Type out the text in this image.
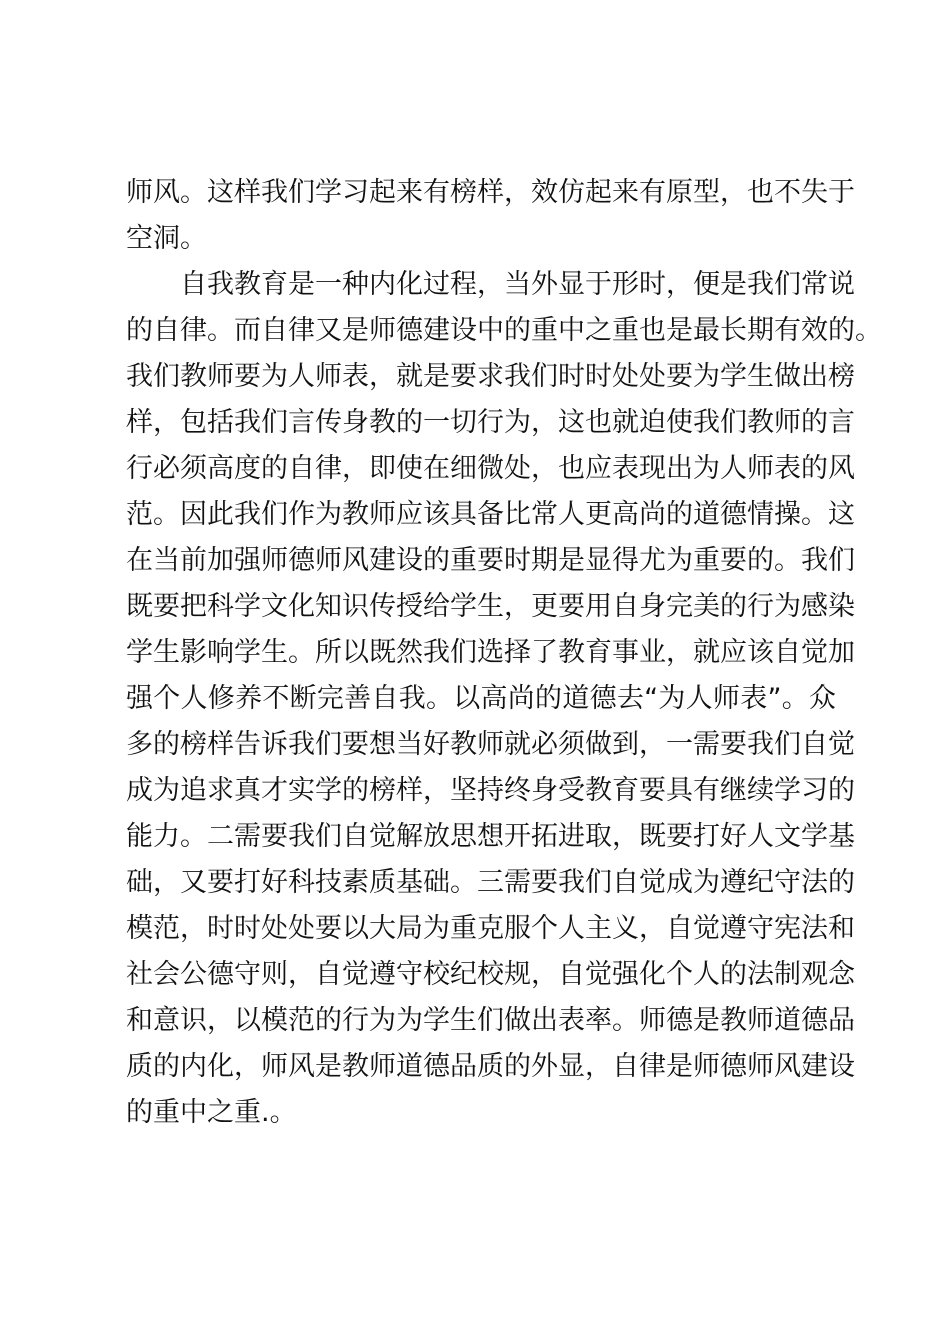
师风。这样我们学习起来有榜样，效仿起来有原型，也不失于
空洞。
自我教育是一种内化过程，当外显于形时，便是我们常说
的自律。而自律又是师德建设中的重中之重也是最长期有效的。
我们教师要为人师表，就是要求我们时时处处要为学生做出榜
样，包括我们言传身教的一切行为，这也就迫使我们教师的言
行必须高度的自律，即使在细微处，也应表现出为人师表的风
范。因此我们作为教师应该具备比常人更高尚的道德情操。这
在当前加强师德师风建设的重要时期是显得尤为重要的。我们
既要把科学文化知识传授给学生，更要用自身完美的行为感染
学生影响学生。所以既然我们选择了教育事业，就应该自觉加
强个人修养不断完善自我。以高尚的道德去“为人师表”。众
多的榜样告诉我们要想当好教师就必须做到，一需要我们自觉
成为追求真才实学的榜样，坚持终身受教育要具有继续学习的
能力。二需要我们自觉解放思想开拓进取，既要打好人文学基
础，又要打好科技素质基础。三需要我们自觉成为遵纪守法的
模范，时时处处要以大局为重克服个人主义，自觉遵守宪法和
社会公德守则，自觉遵守校纪校规，自觉强化个人的法制观念
和意识，以模范的行为为学生们做出表率。师德是教师道德品
质的内化，师风是教师道德品质的外显，自律是师德师风建设
的重中之重.。
